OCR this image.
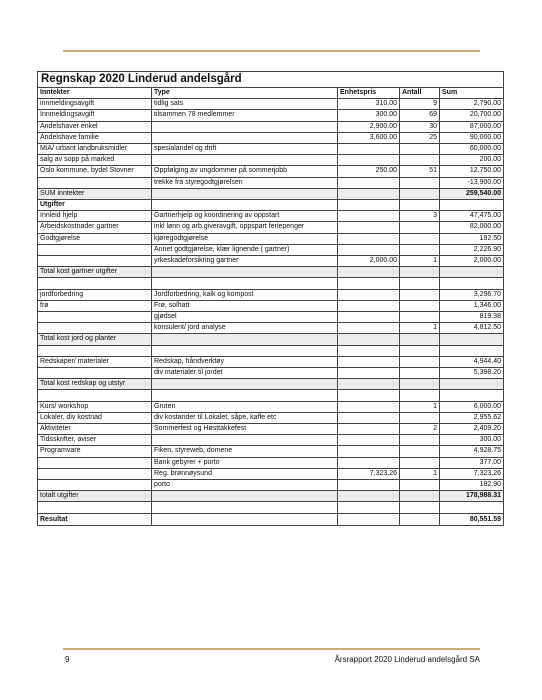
Regnskap 2020 Linderud andelsgård				
Inntekter	Type	Enhetspris	Antall	Sum
innmeldingsavgift	tidlig sats	310.00	9	2,790.00
Innmeldingsavgift	tilsammen 78 medlemmer	300.00	69	20,700.00
Andelshaver enkel		2,900.00	30	87,000.00
Andelshave familie		3,600.00	25	90,000.00
MiA/ urbant landbruksmidler	spesialandel og drift			60,000.00
salg av sopp på marked				200.00
Oslo kommune, bydel Stovner	Oppfølging av ungdommer på sommerjobb	250.00	51	12,750.00
	trekke fra styregodtgjørelsen			-13,900.00
SUM inntekter				259,540.00
Utgifter				
Innleid hjelp	Gartnerhjelp og koordinering av oppstart		3	47,475.00
Arbeidskostnader gartner	inkl lønn og arb.giveravgift, oppspart feriepenger			82,000.00
Godtgjørelse	kjøregodtgjørelse			192.50
	Annet godtgjørelse, klær lignende ( gartner)			2,226.90
	yrkeskadeforsikring gartner	2,000.00	1	2,000.00
Total kost gartner utgifter				

jordforbedring	Jordforbedring, kalk og kompost			3,296.70
frø	Frø, solhatt			1,346.00
	gjødsel			819.38
	konsulent/ jord analyse		1	4,812.50
Total kost jord og planter				

Redskaper/ materialer	Redskap, håndverktøy			4,944.40
	div materialer til jordet			5,398.20
Total kost redskap og utstyr				

Kurs/ workshop	Gruten		1	6,000.00
Lokaler, div kostnad	div kostander til Lokalet, såpe, kaffe etc			2,955.62
Aktiviteter	Sommerfest og Høsttakkefest		2	2,409.20
Tidsskrifter, aviser				300.00
Programvare	Fiken, styreweb, domene			4,928.75
	Bank gebyrer + porto			377.00
	Reg. brønnøysund	7,323.26	1	7,323.26
	porto			182.90
totalt utgifter				178,988.31

Resultat				80,551.59
9	Årsrapport 2020 Linderud andelsgård SA
